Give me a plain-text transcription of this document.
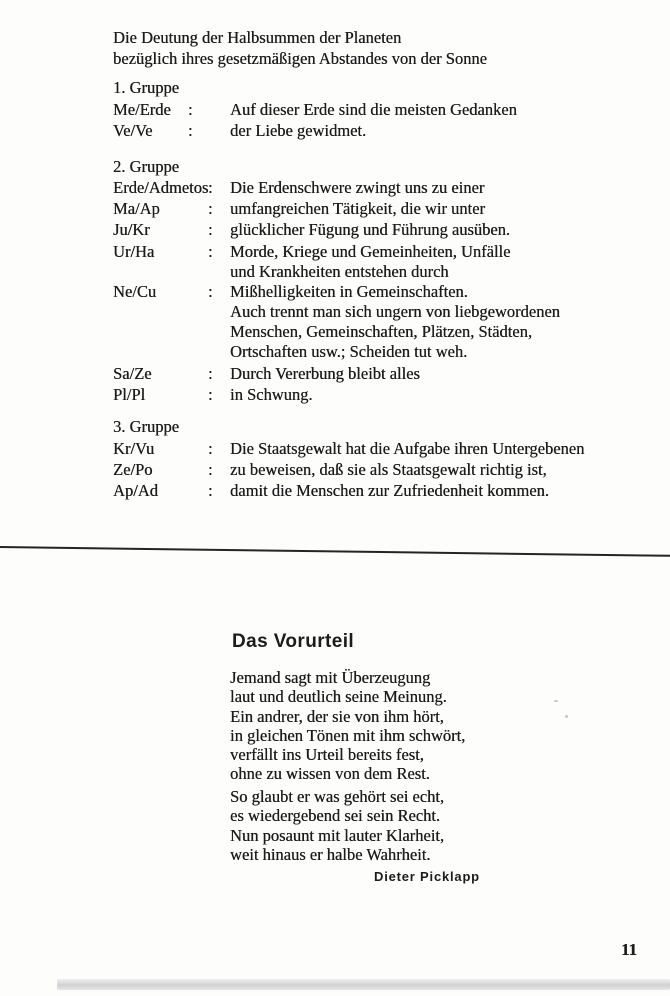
Die Deutung der Halbsummen der Planeten
bezüglich ihres gesetzmäßigen Abstandes von der Sonne
1. Gruppe
Me/Erde	:	Auf dieser Erde sind die meisten Gedanken
Ve/Ve	:	der Liebe gewidmet.
2. Gruppe
Erde/Admetos :	Die Erdenschwere zwingt uns zu einer
Ma/Ap	:	umfangreichen Tätigkeit, die wir unter
Ju/Kr	:	glücklicher Fügung und Führung ausüben.
Ur/Ha	:	Morde, Kriege und Gemeinheiten, Unfälle
und Krankheiten entstehen durch
Ne/Cu	:	Mißhelligkeiten in Gemeinschaften.
Auch trennt man sich ungern von liebgewordenen
Menschen, Gemeinschaften, Plätzen, Städten,
Ortschaften usw.; Scheiden tut weh.
Sa/Ze	:	Durch Vererbung bleibt alles
Pl/Pl	:	in Schwung.
3. Gruppe
Kr/Vu	:	Die Staatsgewalt hat die Aufgabe ihren Untergebenen
Ze/Po	:	zu beweisen, daß sie als Staatsgewalt richtig ist,
Ap/Ad	:	damit die Menschen zur Zufriedenheit kommen.
Das Vorurteil
Jemand sagt mit Überzeugung
laut und deutlich seine Meinung.
Ein andrer, der sie von ihm hört,
in gleichen Tönen mit ihm schwört,
verfällt ins Urteil bereits fest,
ohne zu wissen von dem Rest.
So glaubt er was gehört sei echt,
es wiedergebend sei sein Recht.
Nun posaunt mit lauter Klarheit,
weit hinaus er halbe Wahrheit.
Dieter Picklapp
11
